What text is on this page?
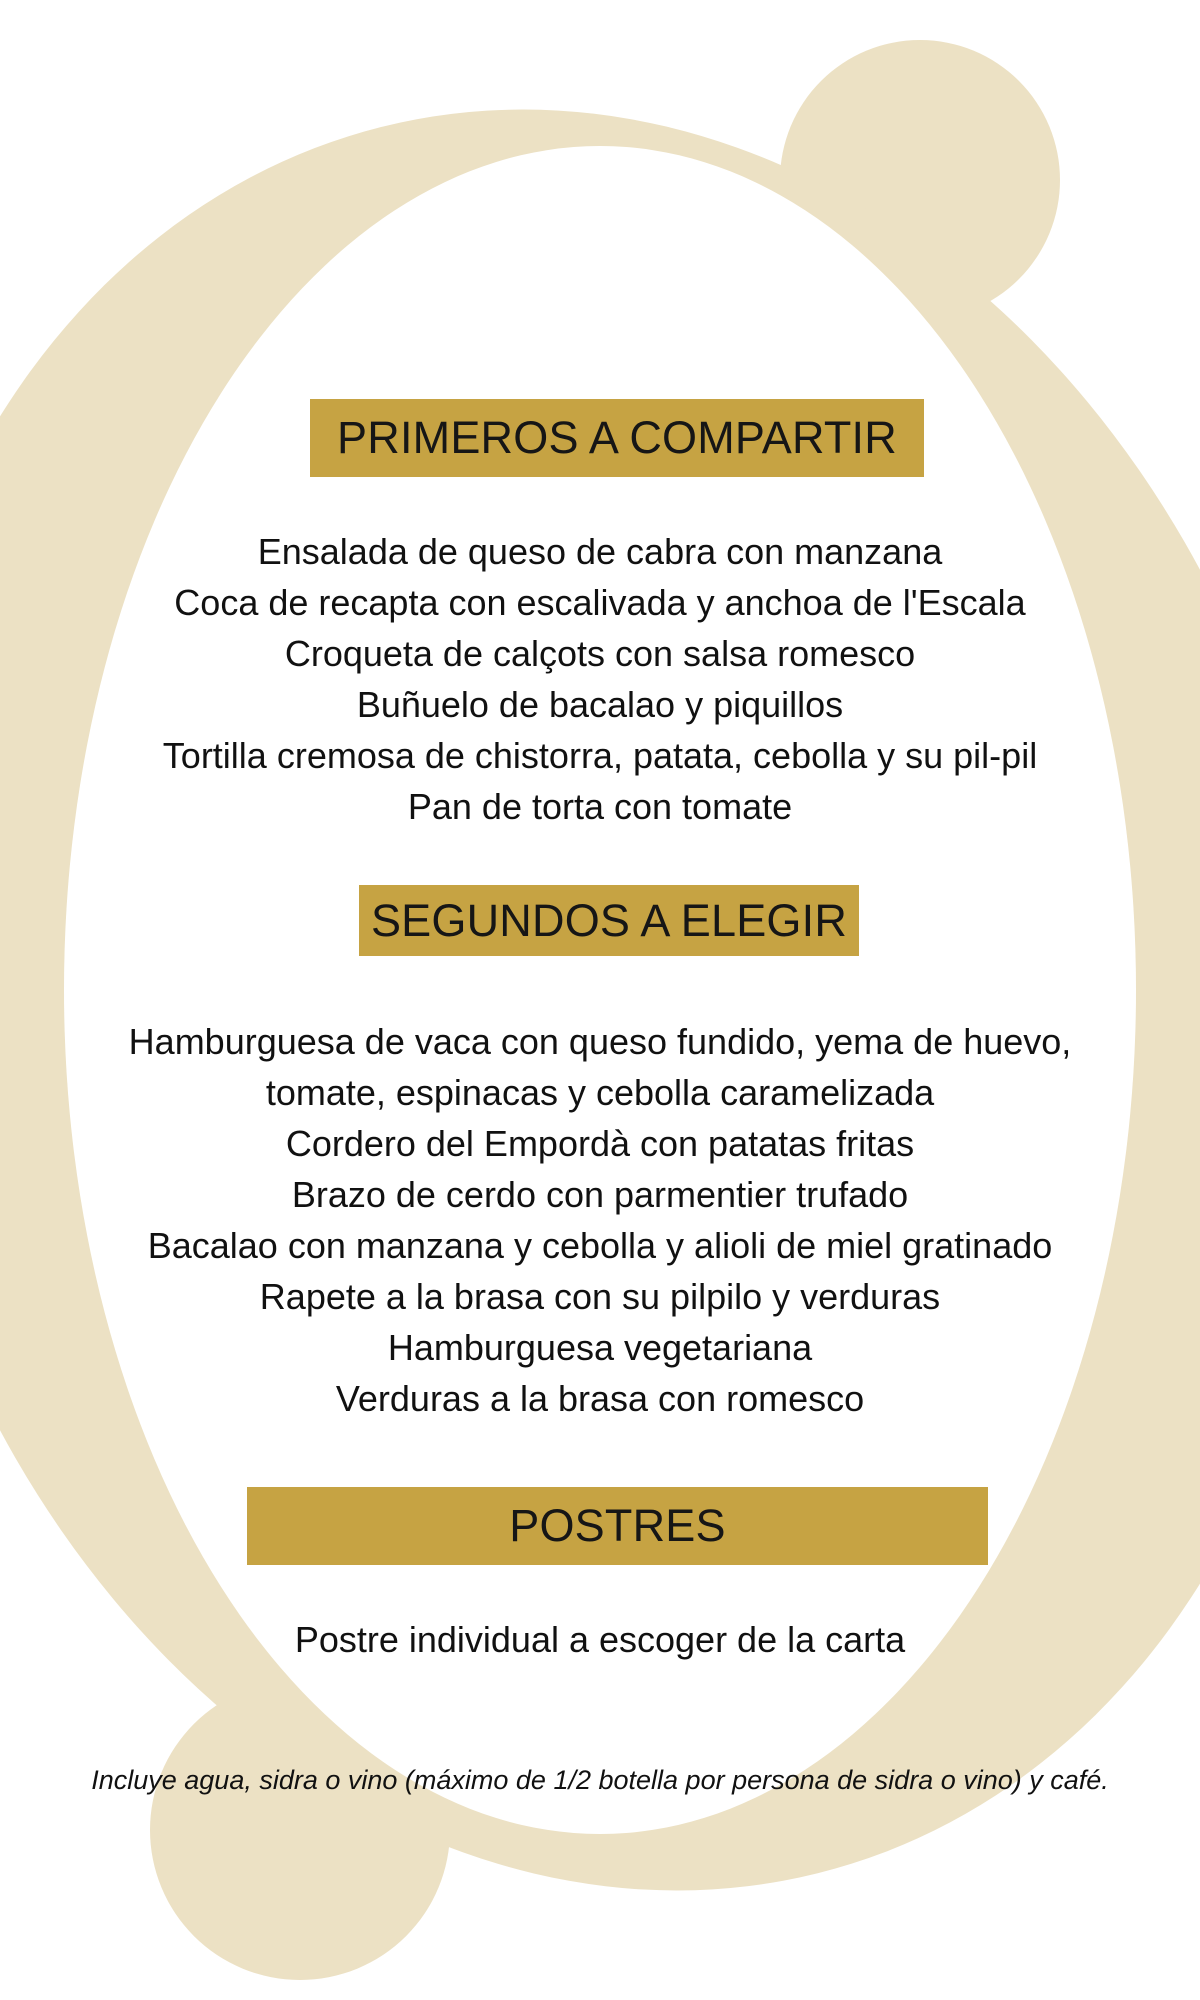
PRIMEROS A COMPARTIR
Ensalada de queso de cabra con manzana
Coca de recapta con escalivada y anchoa de l'Escala
Croqueta de calçots con salsa romesco
Buñuelo de bacalao y piquillos
Tortilla cremosa de chistorra, patata, cebolla y su pil-pil
Pan de torta con tomate
SEGUNDOS A ELEGIR
Hamburguesa de vaca con queso fundido, yema de huevo,
tomate, espinacas y cebolla caramelizada
Cordero del Empordà con patatas fritas
Brazo de cerdo con parmentier trufado
Bacalao con manzana y cebolla y alioli de miel gratinado
Rapete a la brasa con su pilpilo y verduras
Hamburguesa vegetariana
Verduras a la brasa con romesco
POSTRES
Postre individual a escoger de la carta
Incluye agua, sidra o vino (máximo de 1/2 botella por persona de sidra o vino) y café.
